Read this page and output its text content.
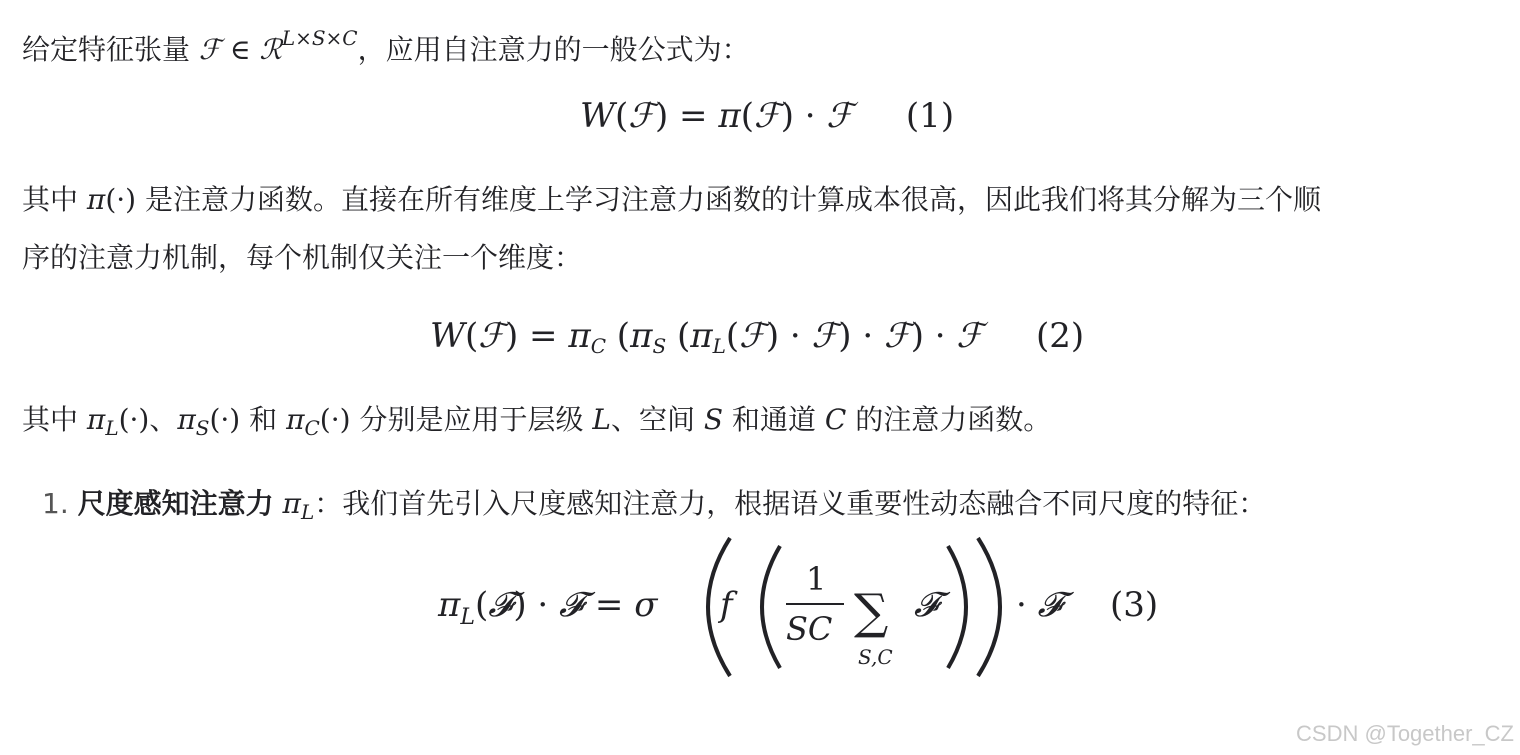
给定特征张量 ℱ ∈ ℛ$^{L\times S\times C}$，应用自注意力的一般公式为：
W(ℱ) = π(ℱ) · ℱ (1)
其中 π(·) 是注意力函数。直接在所有维度上学习注意力函数的计算成本很高，因此我们将其分解为三个顺
序的注意力机制，每个机制仅关注一个维度：
W(ℱ) = $\pi_C$ ($\pi_S$ ($\pi_L(ℱ)$ · ℱ) · ℱ) · ℱ (2)
其中 $\pi_L(\cdot)$、$\pi_S(\cdot)$ 和 $\pi_C(\cdot)$ 分别是应用于层级 L、空间 S 和通道 C 的注意力函数。
1. 尺度感知注意力 $\pi_L$：我们首先引入尺度感知注意力，根据语义重要性动态融合不同尺度的特征：
$\pi_L(𝓕)$ · 𝓕 = σ f
1
SC ∑
S,C
𝓕	· 𝓕	(3)
CSDN @Together_CZ
